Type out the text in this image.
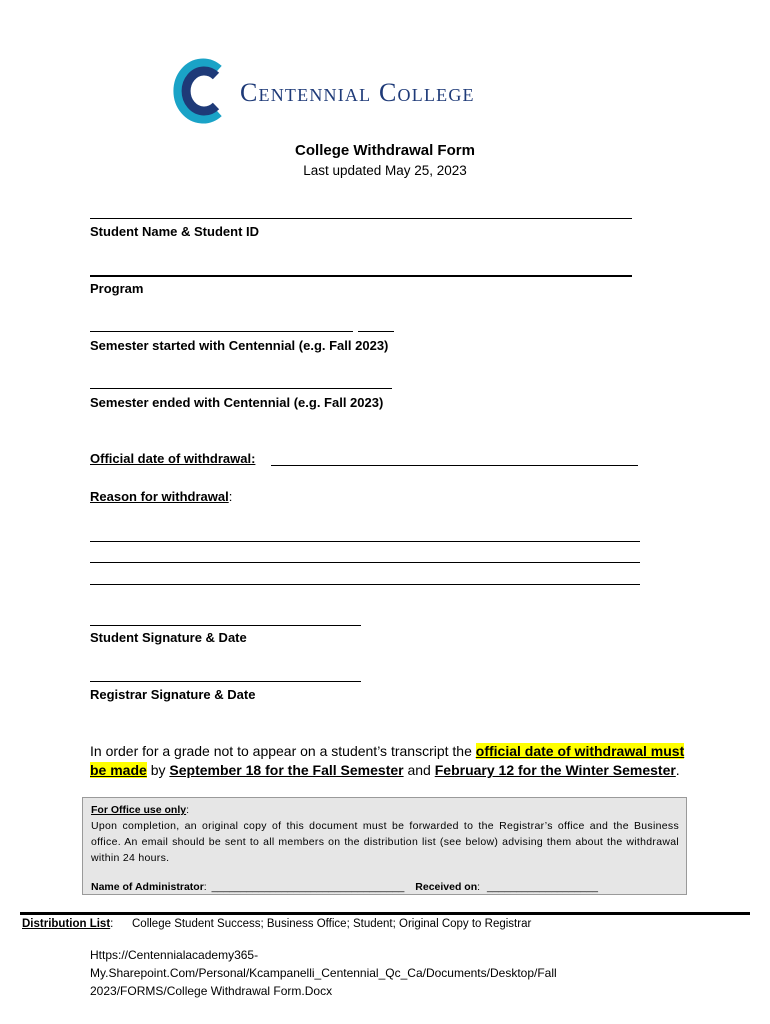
Centennial College
College Withdrawal Form
Last updated May 25, 2023
Student Name & Student ID
Program
Semester started with Centennial (e.g. Fall 2023)
Semester ended with Centennial (e.g. Fall 2023)
Official date of withdrawal:
Reason for withdrawal:
Student Signature & Date
Registrar Signature & Date
In order for a grade not to appear on a student’s transcript the official date of withdrawal must be made by September 18 for the Fall Semester and February 12 for the Winter Semester.
For Office use only:
Upon completion, an original copy of this document must be forwarded to the Registrar’s office and the Business office. An email should be sent to all members on the distribution list (see below) advising them about the withdrawal within 24 hours.
Name of Administrator: _________________________________ Received on: ___________________
Distribution List: College Student Success; Business Office; Student; Original Copy to Registrar
Https://Centennialacademy365-My.Sharepoint.Com/Personal/Kcampanelli_Centennial_Qc_Ca/Documents/Desktop/Fall 2023/FORMS/College Withdrawal Form.Docx
